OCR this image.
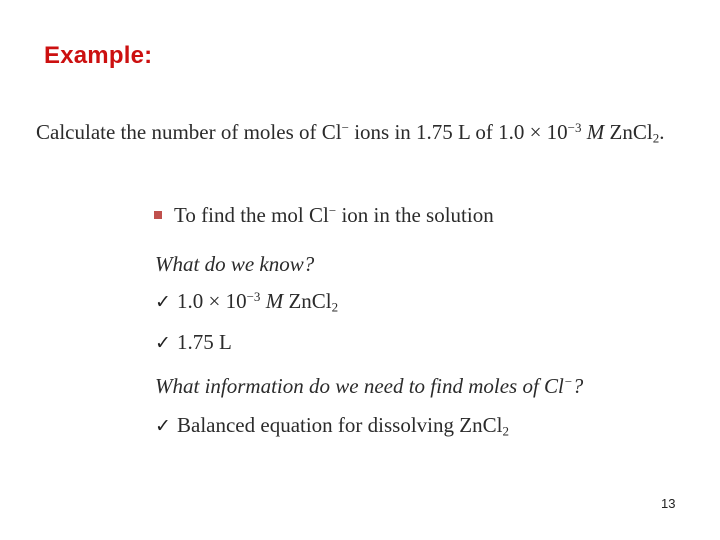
Example:
Calculate the number of moles of Cl− ions in 1.75 L of $1.0 \times 10^{-3}$ M ZnCl$_2$.
To find the mol Cl− ion in the solution
What do we know?
✓ $1.0 \times 10^{-3}$ M ZnCl$_2$
✓ 1.75 L
What information do we need to find moles of Cl−?
✓ Balanced equation for dissolving ZnCl$_2$
13
